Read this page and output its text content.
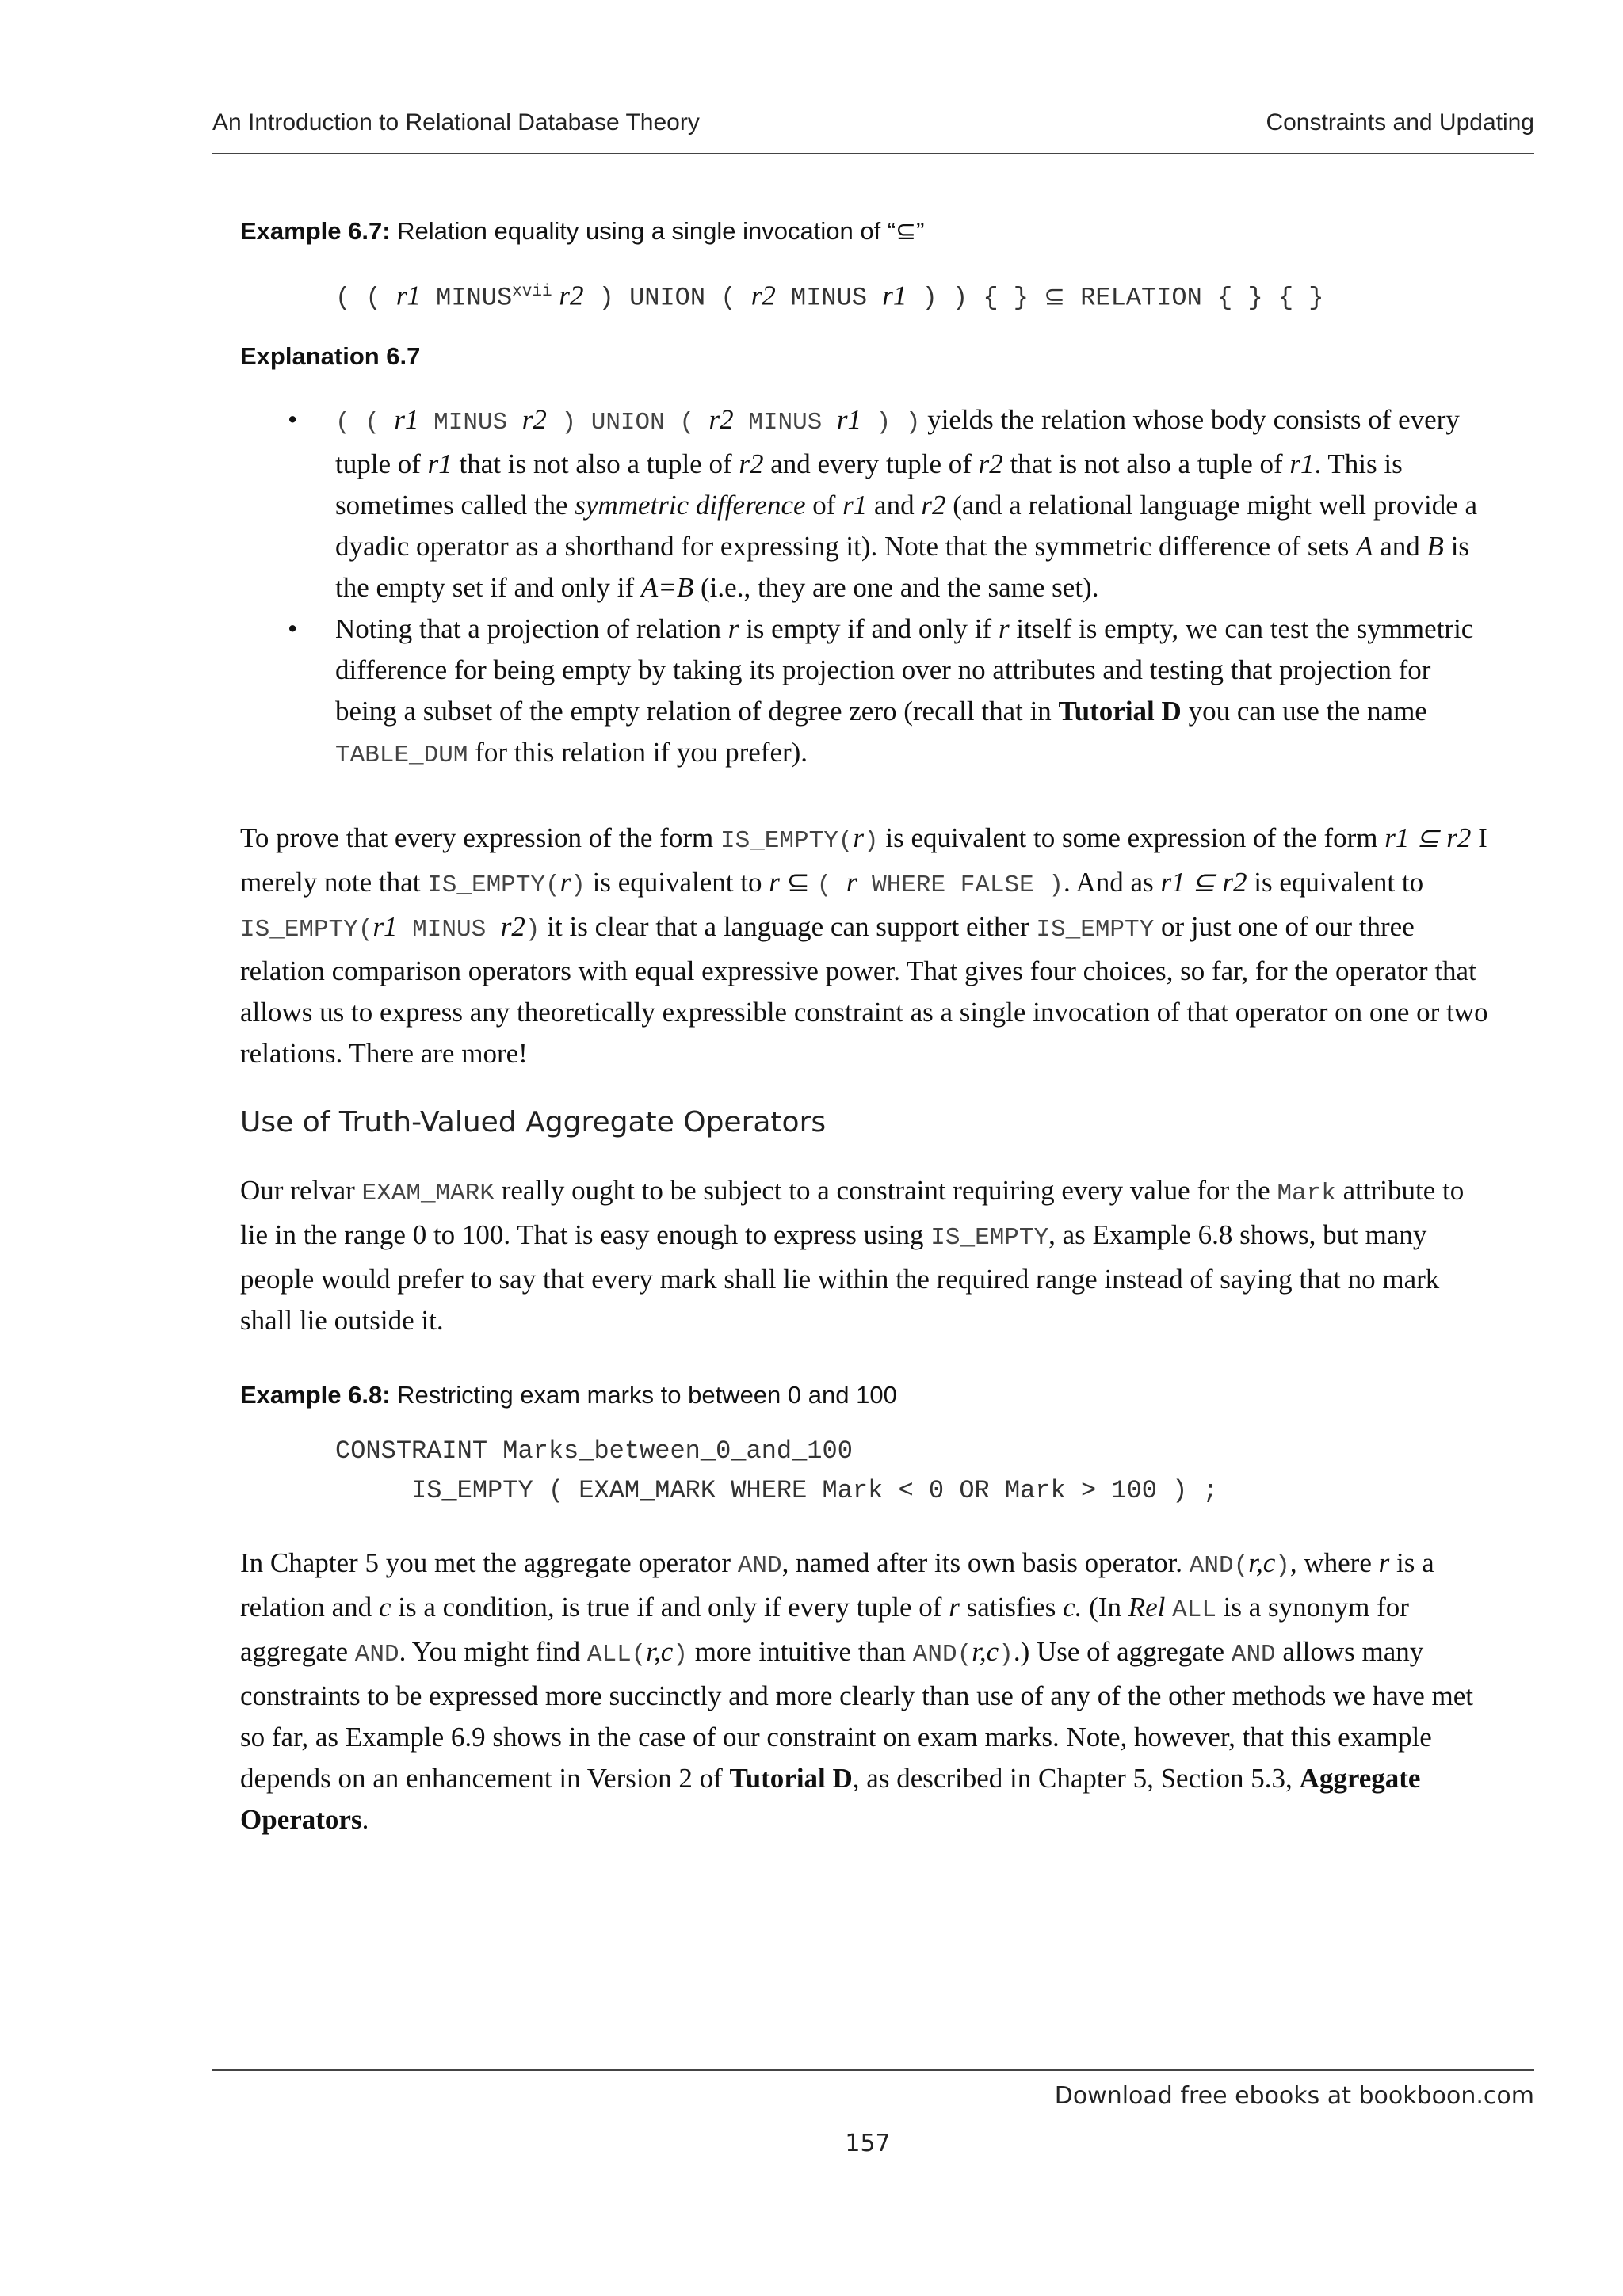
An Introduction to Relational Database Theory	Constraints and Updating

Example 6.7: Relation equality using a single invocation of “⊆”

( ( r1 MINUS$^{xvii}$ r2 ) UNION ( r2 MINUS r1 ) ) { } ⊆ RELATION { } { }

Explanation 6.7

• ( ( r1 MINUS r2 ) UNION ( r2 MINUS r1 ) ) yields the relation whose body consists of every tuple of r1 that is not also a tuple of r2 and every tuple of r2 that is not also a tuple of r1. This is sometimes called the symmetric difference of r1 and r2 (and a relational language might well provide a dyadic operator as a shorthand for expressing it). Note that the symmetric difference of sets A and B is the empty set if and only if A=B (i.e., they are one and the same set).
• Noting that a projection of relation r is empty if and only if r itself is empty, we can test the symmetric difference for being empty by taking its projection over no attributes and testing that projection for being a subset of the empty relation of degree zero (recall that in Tutorial D you can use the name TABLE_DUM for this relation if you prefer).

To prove that every expression of the form IS_EMPTY(r) is equivalent to some expression of the form r1 ⊆ r2 I merely note that IS_EMPTY(r) is equivalent to r ⊆ ( r WHERE FALSE ). And as r1 ⊆ r2 is equivalent to IS_EMPTY(r1 MINUS r2) it is clear that a language can support either IS_EMPTY or just one of our three relation comparison operators with equal expressive power. That gives four choices, so far, for the operator that allows us to express any theoretically expressible constraint as a single invocation of that operator on one or two relations. There are more!

Use of Truth-Valued Aggregate Operators

Our relvar EXAM_MARK really ought to be subject to a constraint requiring every value for the Mark attribute to lie in the range 0 to 100. That is easy enough to express using IS_EMPTY, as Example 6.8 shows, but many people would prefer to say that every mark shall lie within the required range instead of saying that no mark shall lie outside it.

Example 6.8: Restricting exam marks to between 0 and 100

CONSTRAINT Marks_between_0_and_100

IS_EMPTY ( EXAM_MARK WHERE Mark < 0 OR Mark > 100 ) ;

In Chapter 5 you met the aggregate operator AND, named after its own basis operator. AND(r,c), where r is a relation and c is a condition, is true if and only if every tuple of r satisfies c. (In Rel ALL is a synonym for aggregate AND. You might find ALL(r,c) more intuitive than AND(r,c).) Use of aggregate AND allows many constraints to be expressed more succinctly and more clearly than use of any of the other methods we have met so far, as Example 6.9 shows in the case of our constraint on exam marks. Note, however, that this example depends on an enhancement in Version 2 of Tutorial D, as described in Chapter 5, Section 5.3, Aggregate Operators.

Download free ebooks at bookboon.com
157
